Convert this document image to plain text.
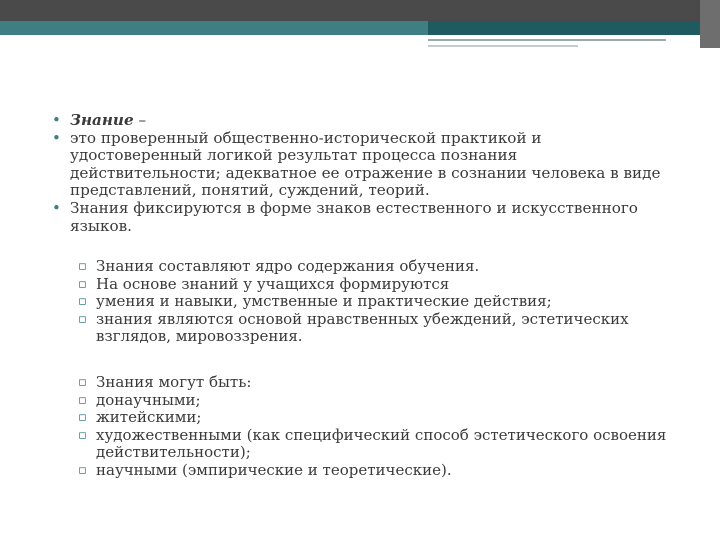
• Знание –
• это проверенный общественно-исторической практикой и удостоверенный логикой результат процесса познания действительности; адекватное ее отражение в сознании человека в виде представлений, понятий, суждений, теорий.
• Знания фиксируются в форме знаков естественного и искусственного языков.
▫ Знания составляют ядро содержания обучения.
▫ На основе знаний у учащихся формируются
▫ умения и навыки, умственные и практические действия;
▫ знания являются основой нравственных убеждений, эстетических взглядов, мировоззрения.
▫ Знания могут быть:
▫ донаучными;
▫ житейскими;
▫ художественными (как специфический способ эстетического освоения действительности);
▫ научными (эмпирические и теоретические).
